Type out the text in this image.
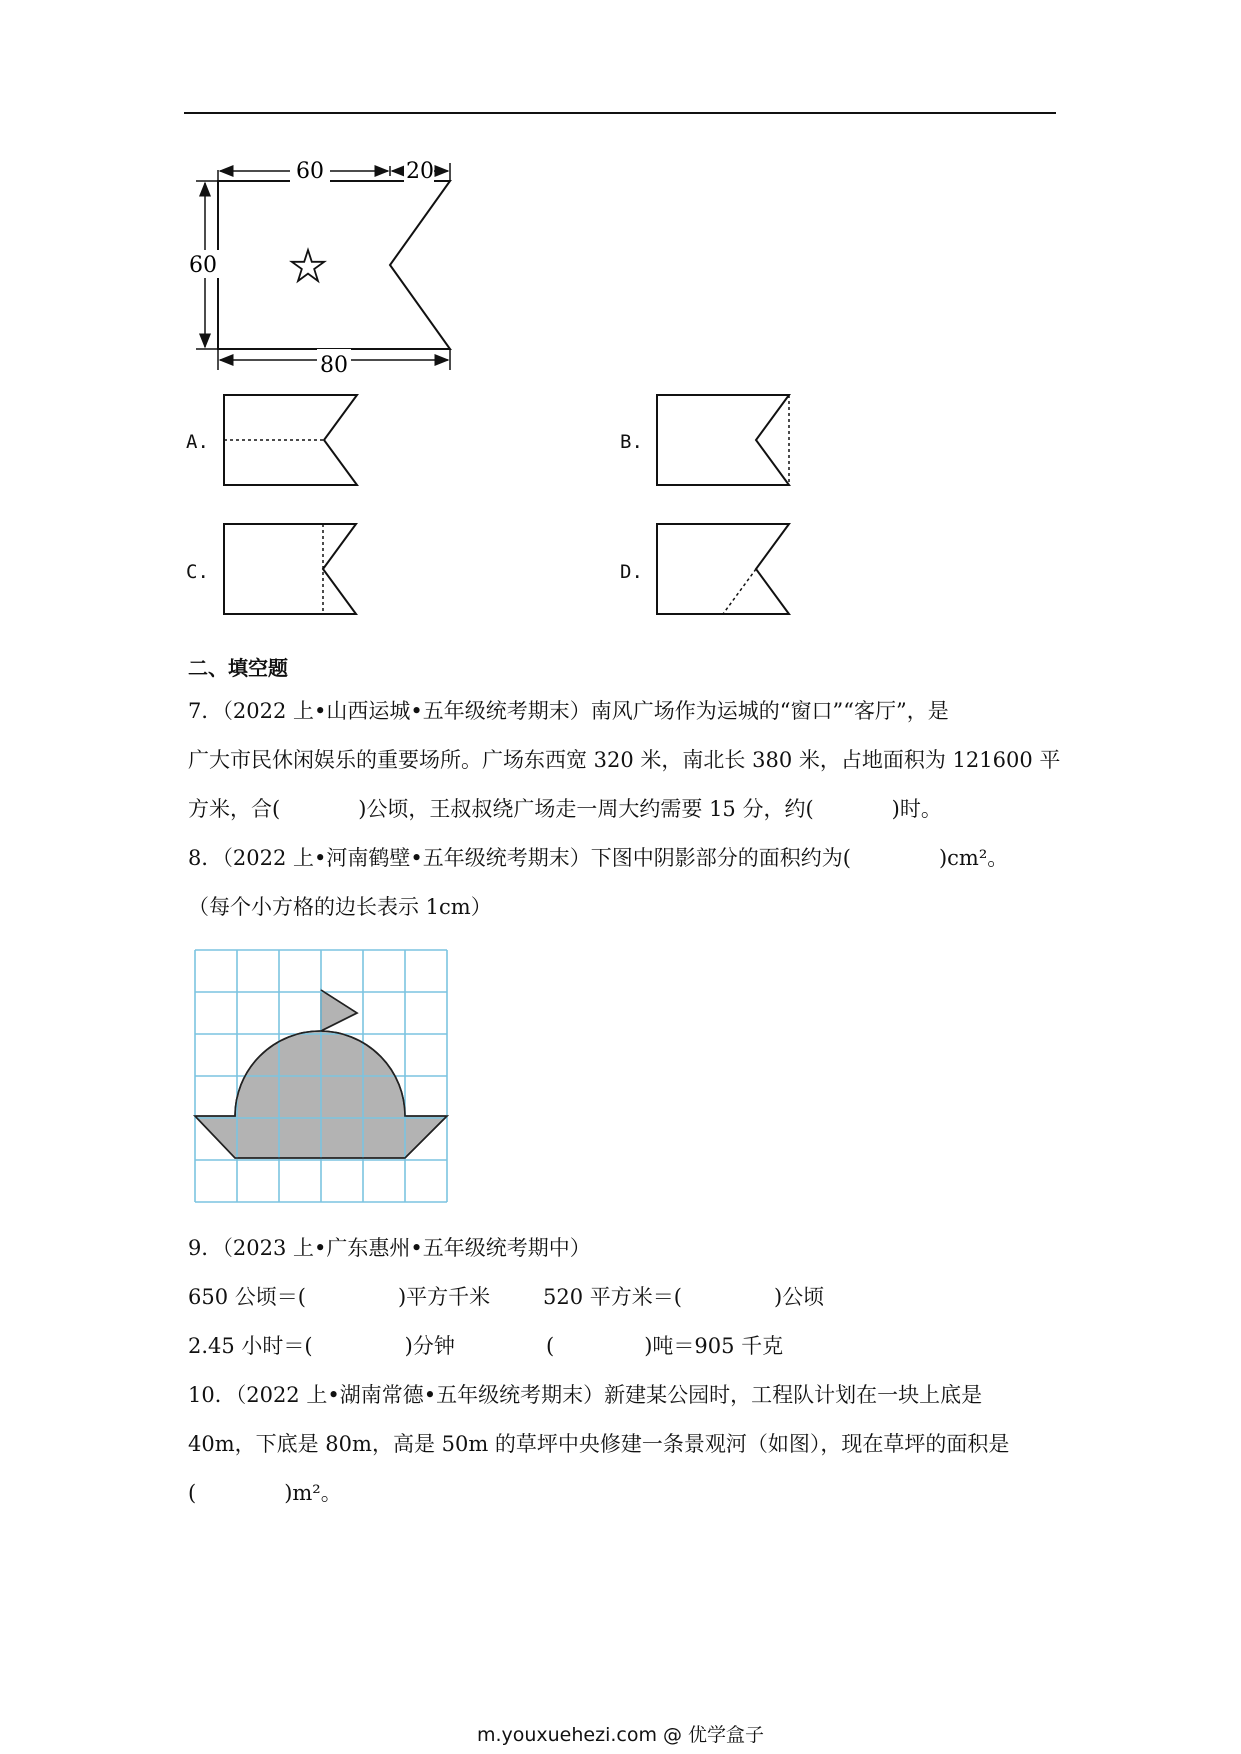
60	20
60
80
A.	B.
C.	D.
二、填空题
7．（2022 上•山西运城•五年级统考期末）南风广场作为运城的“窗口”“客厅”，是
广大市民休闲娱乐的重要场所。广场东西宽 320 米，南北长 380 米，占地面积为 121600 平
方米，合(	)公顷，王叔叔绕广场走一周大约需要 15 分，约(	)时。
8．（2022 上•河南鹤壁•五年级统考期末）下图中阴影部分的面积约为(	)cm²。
（每个小方格的边长表示 1cm）
9．（2023 上•广东惠州•五年级统考期中）
650 公顷＝(	)平方千米	520 平方米＝(	)公顷
2.45 小时＝(	)分钟	(	)吨＝905 千克
10．（2022 上•湖南常德•五年级统考期末）新建某公园时，工程队计划在一块上底是
40m，下底是 80m，高是 50m 的草坪中央修建一条景观河（如图），现在草坪的面积是
(	)m²。
m.youxuehezi.com @ 优学盒子
